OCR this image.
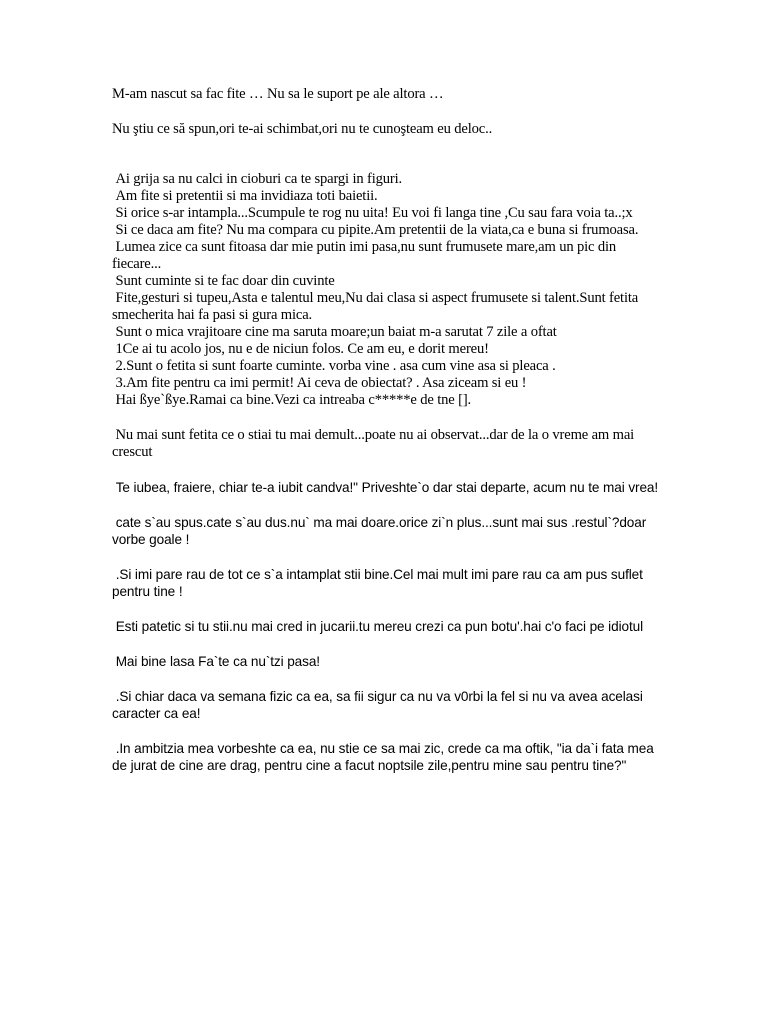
M-am nascut sa fac fite … Nu sa le suport pe ale altora …

Nu ştiu ce să spun,ori te-ai schimbat,ori nu te cunoşteam eu deloc..

Ai grija sa nu calci in cioburi ca te spargi in figuri.

Am fite si pretentii si ma invidiaza toti baietii.

Si orice s-ar intampla...Scumpule te rog nu uita! Eu voi fi langa tine ,Cu sau fara voia ta..;x

Si ce daca am fite? Nu ma compara cu pipite.Am pretentii de la viata,ca e buna si frumoasa.

Lumea zice ca sunt fitoasa dar mie putin imi pasa,nu sunt frumusete mare,am un pic din fiecare...

Sunt cuminte si te fac doar din cuvinte

Fite,gesturi si tupeu,Asta e talentul meu,Nu dai clasa si aspect frumusete si talent.Sunt fetita smecherita hai fa pasi si gura mica.

Sunt o mica vrajitoare cine ma saruta moare;un baiat m-a sarutat 7 zile a oftat

1Ce ai tu acolo jos, nu e de niciun folos. Ce am eu, e dorit mereu!

2.Sunt o fetita si sunt foarte cuminte. vorba vine . asa cum vine asa si pleaca .

3.Am fite pentru ca imi permit! Ai ceva de obiectat? . Asa ziceam si eu !

Hai ßye`ßye.Ramai ca bine.Vezi ca intreaba c*****e de tne [].

Nu mai sunt fetita ce o stiai tu mai demult...poate nu ai observat...dar de la o vreme am mai crescut

Te iubea, fraiere, chiar te-a iubit candva!" Priveshte`o dar stai departe, acum nu te mai vrea!

cate s`au spus.cate s`au dus.nu` ma mai doare.orice zi`n plus...sunt mai sus .restul`?doar vorbe goale !

.Si imi pare rau de tot ce s`a intamplat stii bine.Cel mai mult imi pare rau ca am pus suflet pentru tine !

Esti patetic si tu stii.nu mai cred in jucarii.tu mereu crezi ca pun botu'.hai c'o faci pe idiotul

Mai bine lasa Fa`te ca nu`tzi pasa!

.Si chiar daca va semana fizic ca ea, sa fii sigur ca nu va v0rbi la fel si nu va avea acelasi caracter ca ea!

.In ambitzia mea vorbeshte ca ea, nu stie ce sa mai zic, crede ca ma oftik, "ia da`i fata mea de jurat de cine are drag, pentru cine a facut noptsile zile,pentru mine sau pentru tine?"
